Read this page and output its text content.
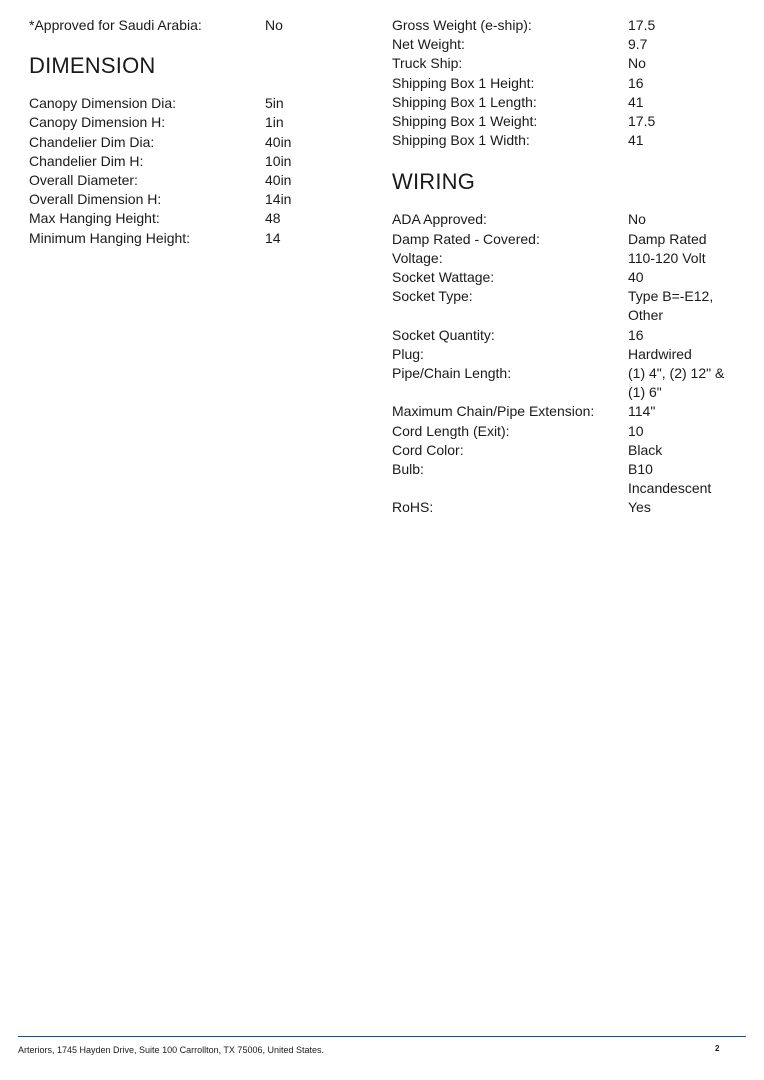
*Approved for Saudi Arabia:	No
DIMENSION
Canopy Dimension Dia:	5in
Canopy Dimension H:	1in
Chandelier Dim Dia:	40in
Chandelier Dim H:	10in
Overall Diameter:	40in
Overall Dimension H:	14in
Max Hanging Height:	48
Minimum Hanging Height:	14
Gross Weight (e-ship):	17.5
Net Weight:	9.7
Truck Ship:	No
Shipping Box 1 Height:	16
Shipping Box 1 Length:	41
Shipping Box 1 Weight:	17.5
Shipping Box 1 Width:	41
WIRING
ADA Approved:	No
Damp Rated - Covered:	Damp Rated
Voltage:	110-120 Volt
Socket Wattage:	40
Socket Type:	Type B=-E12, Other
Socket Quantity:	16
Plug:	Hardwired
Pipe/Chain Length:	(1) 4", (2) 12" & (1) 6"
Maximum Chain/Pipe Extension:	114"
Cord Length (Exit):	10
Cord Color:	Black
Bulb:	B10 Incandescent
RoHS:	Yes
Arteriors, 1745 Hayden Drive, Suite 100 Carrollton, TX 75006, United States.	2
